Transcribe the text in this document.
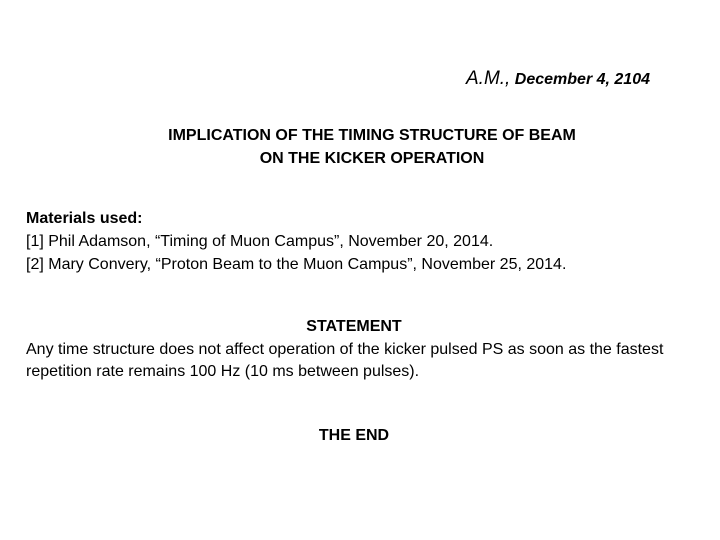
A.M., December 4, 2104
IMPLICATION OF THE TIMING STRUCTURE OF BEAM
ON THE KICKER OPERATION
Materials used:
[1] Phil Adamson, “Timing of Muon Campus”, November 20, 2014.
[2] Mary Convery, “Proton Beam to the Muon Campus”, November 25, 2014.
STATEMENT
Any time structure does not affect operation of the kicker pulsed PS as soon as the fastest repetition rate remains 100 Hz (10 ms between pulses).
THE END
